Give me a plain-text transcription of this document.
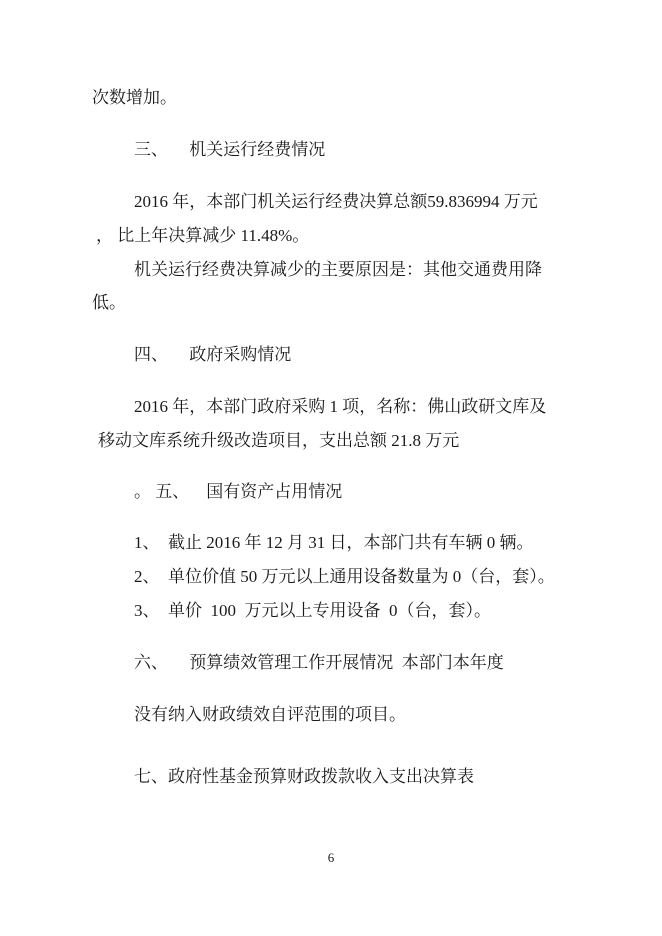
次数增加。
三、     机关运行经费情况
2016 年，本部门机关运行经费决算总额59.836994 万元
， 比上年决算减少 11.48%。
机关运行经费决算减少的主要原因是：其他交通费用降
低。
四、     政府采购情况
2016 年，本部门政府采购 1 项，名称：佛山政研文库及
移动文库系统升级改造项目，支出总额 21.8 万元
。 五、    国有资产占用情况
1、  截止 2016 年 12 月 31 日，本部门共有车辆 0 辆。
2、  单位价值 50 万元以上通用设备数量为 0（台，套）。
3、  单价  100  万元以上专用设备  0（台，套）。
六、     预算绩效管理工作开展情况  本部门本年度
没有纳入财政绩效自评范围的项目。
七、政府性基金预算财政拨款收入支出决算表
6
